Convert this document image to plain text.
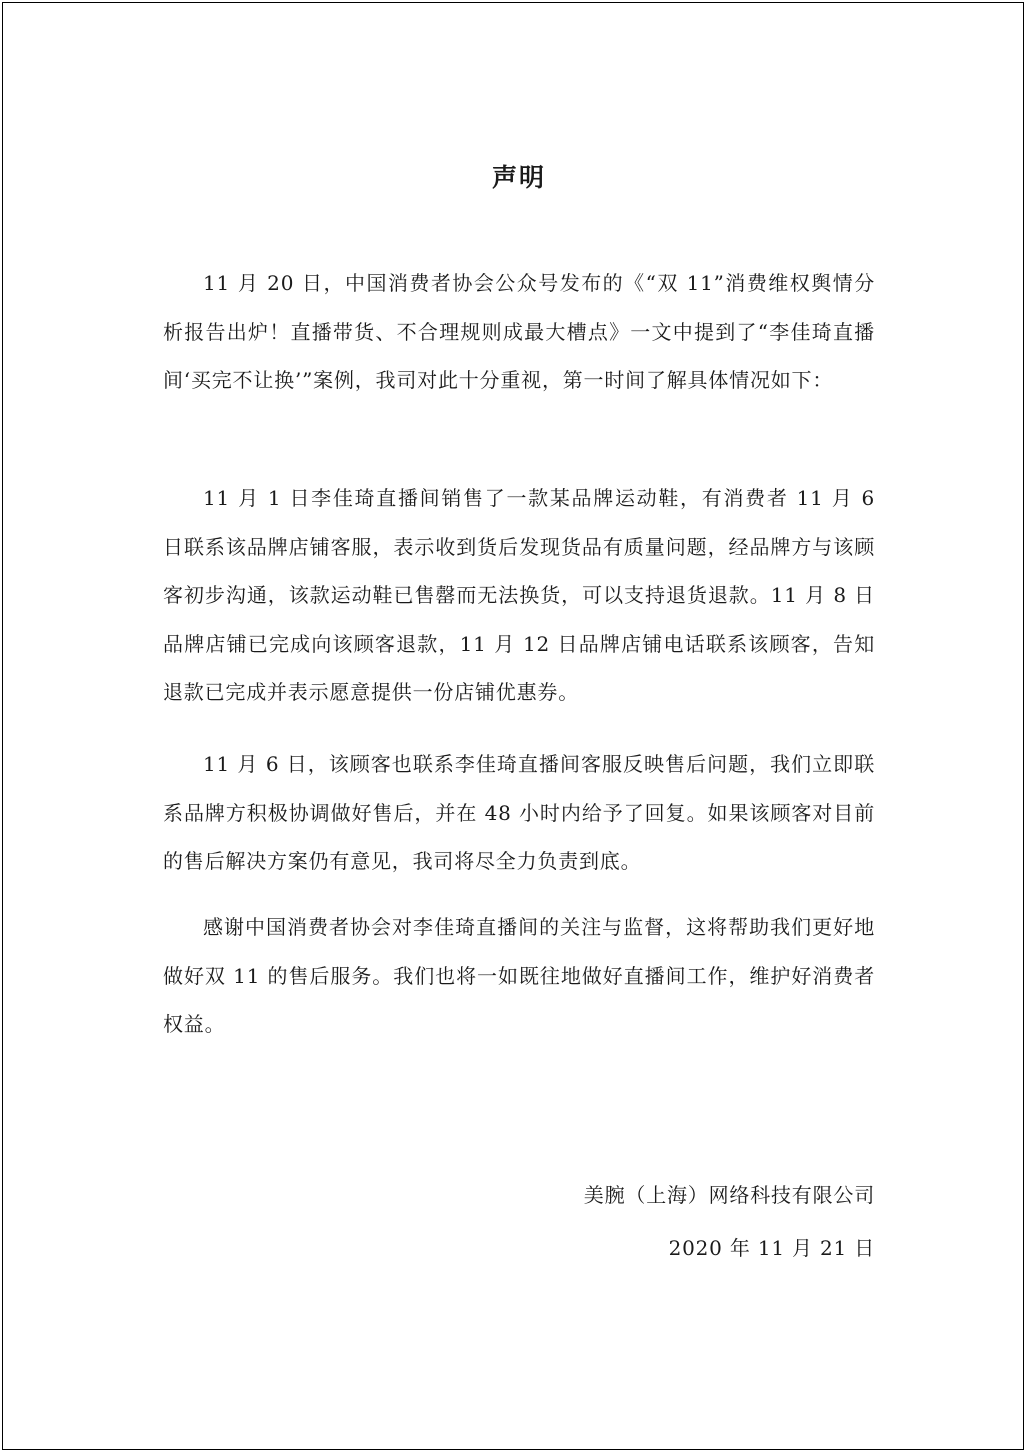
声明

11 月 20 日，中国消费者协会公众号发布的《“双 11”消费维权舆情分析报告出炉！直播带货、不合理规则成最大槽点》一文中提到了“李佳琦直播间‘买完不让换’”案例，我司对此十分重视，第一时间了解具体情况如下：

11 月 1 日李佳琦直播间销售了一款某品牌运动鞋，有消费者 11 月 6 日联系该品牌店铺客服，表示收到货后发现货品有质量问题，经品牌方与该顾客初步沟通，该款运动鞋已售罄而无法换货，可以支持退货退款。11 月 8 日品牌店铺已完成向该顾客退款，11 月 12 日品牌店铺电话联系该顾客，告知退款已完成并表示愿意提供一份店铺优惠券。

11 月 6 日，该顾客也联系李佳琦直播间客服反映售后问题，我们立即联系品牌方积极协调做好售后，并在 48 小时内给予了回复。如果该顾客对目前的售后解决方案仍有意见，我司将尽全力负责到底。

感谢中国消费者协会对李佳琦直播间的关注与监督，这将帮助我们更好地做好双 11 的售后服务。我们也将一如既往地做好直播间工作，维护好消费者权益。

美腕（上海）网络科技有限公司
2020 年 11 月 21 日
